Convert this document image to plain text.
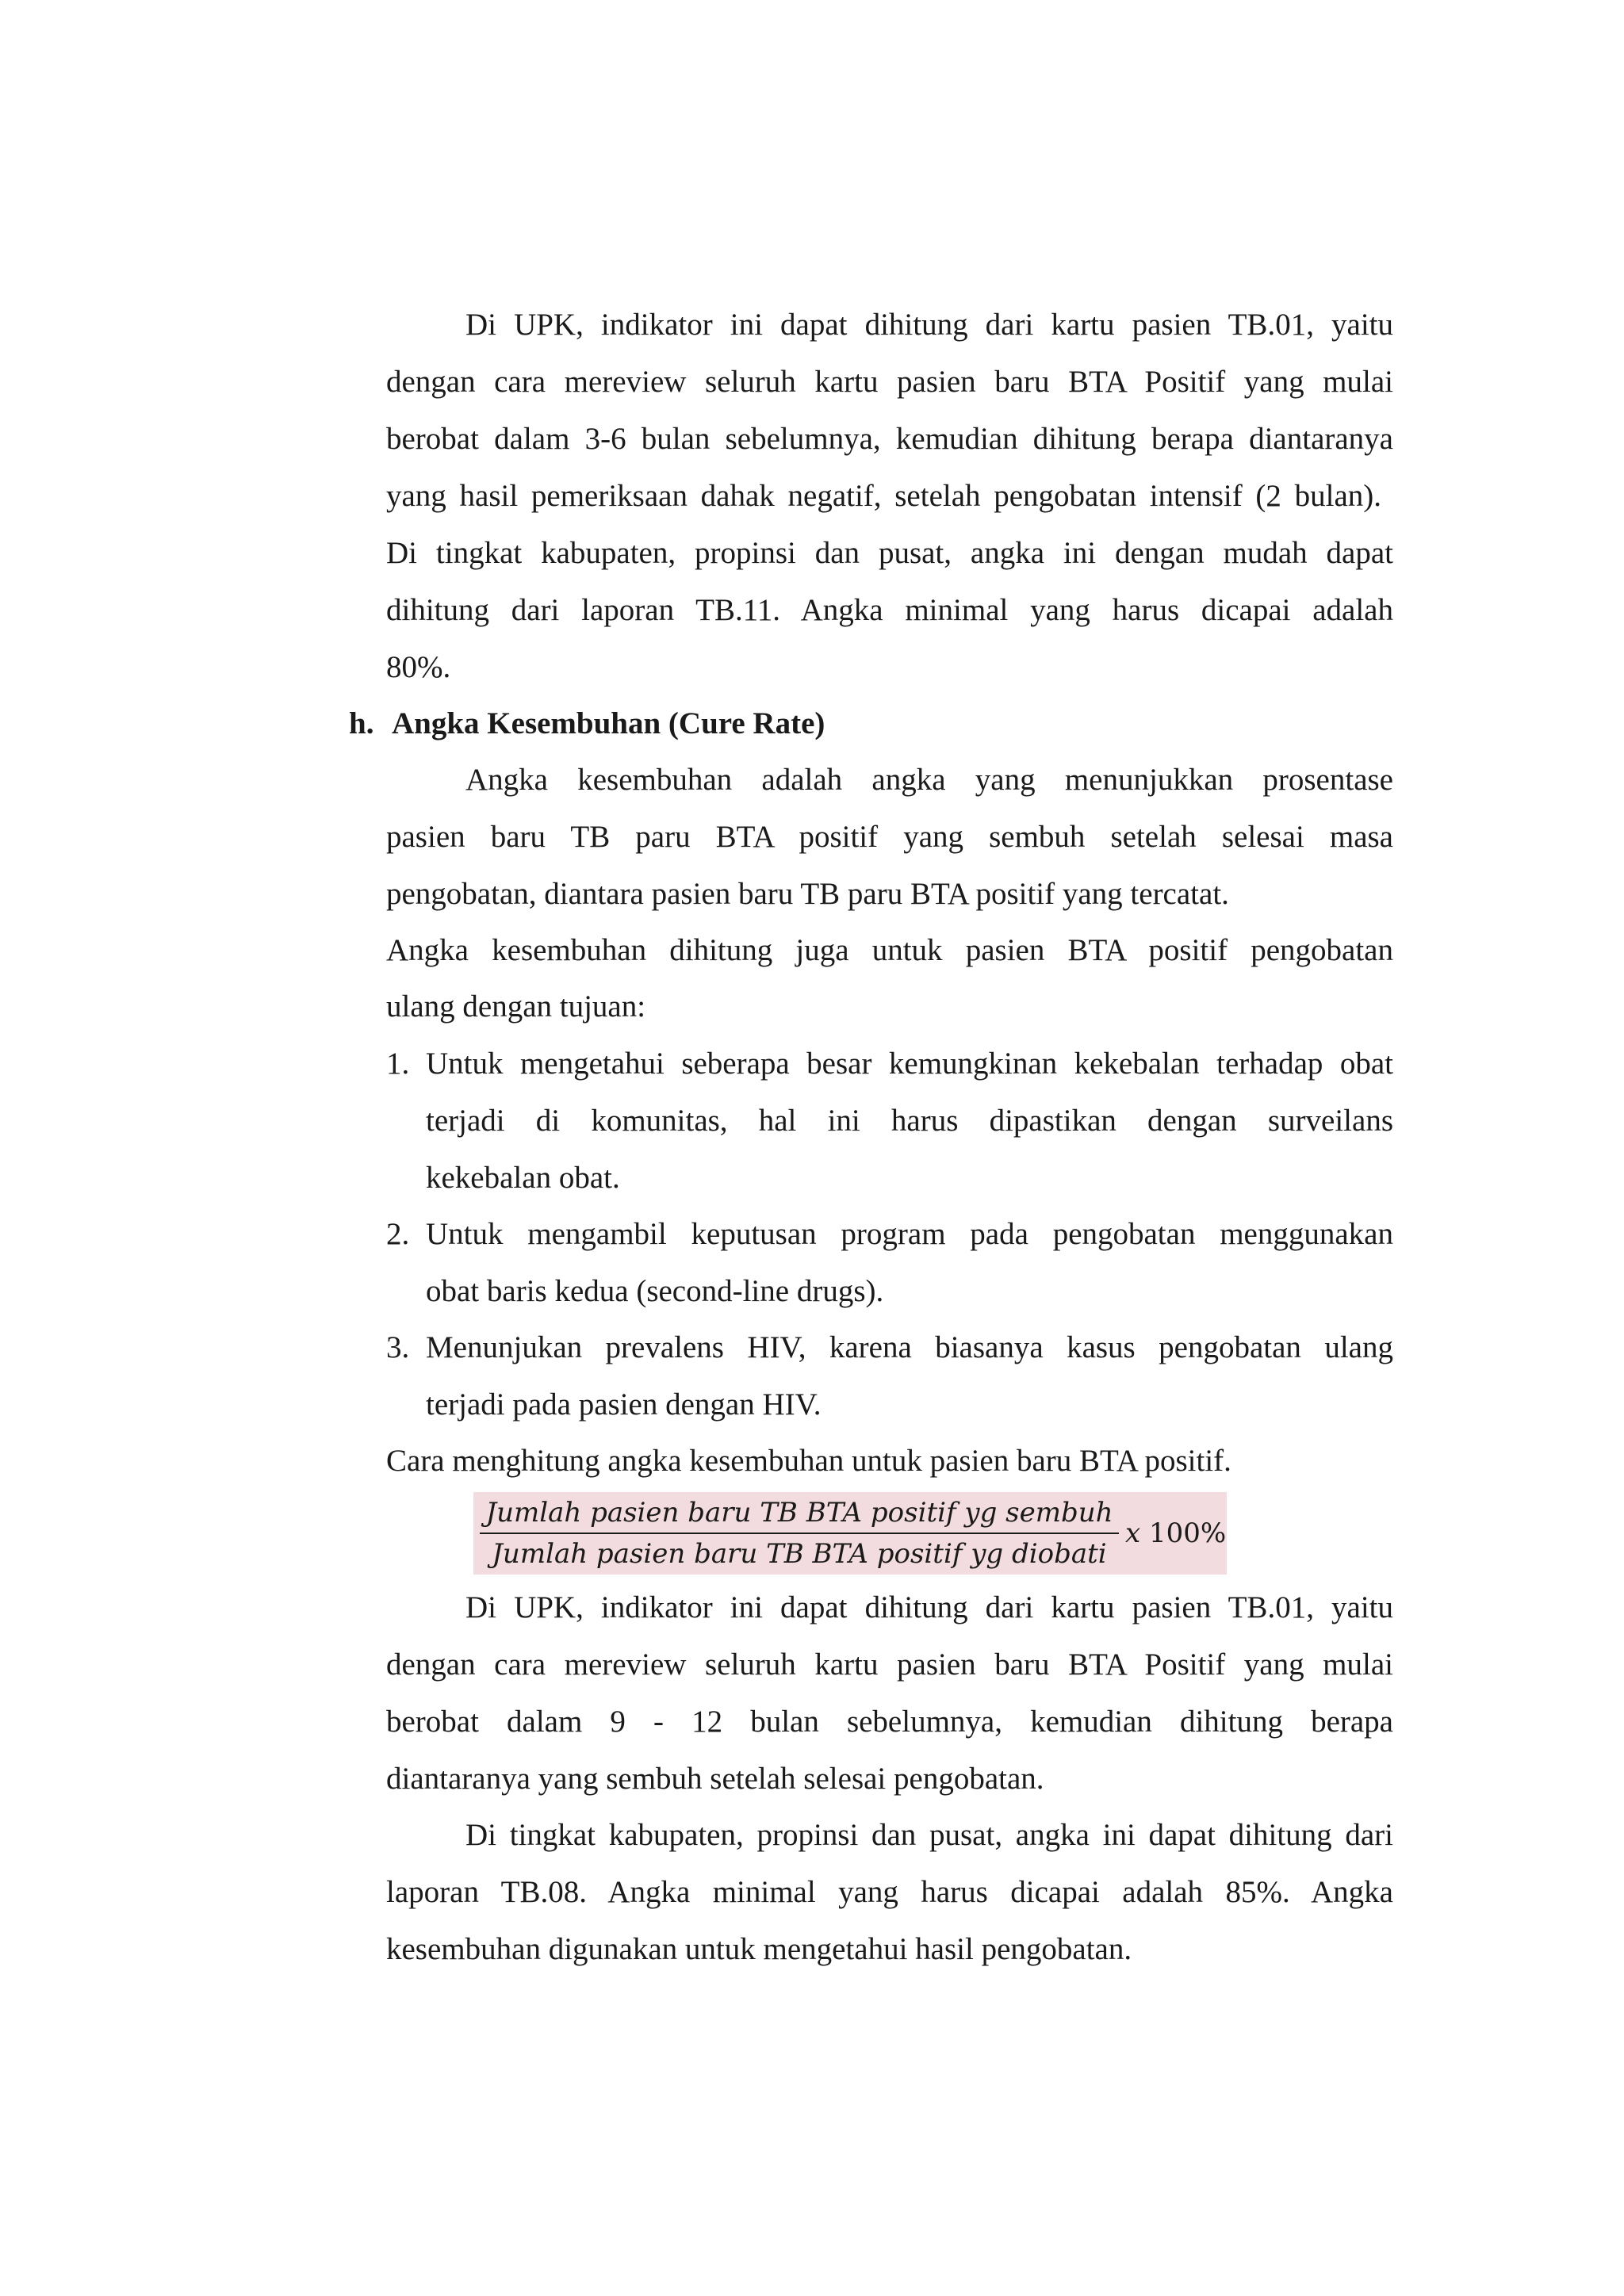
Di UPK, indikator ini dapat dihitung dari kartu pasien TB.01, yaitu
dengan cara mereview seluruh kartu pasien baru BTA Positif yang mulai
berobat dalam 3-6 bulan sebelumnya, kemudian dihitung berapa diantaranya
yang hasil pemeriksaan dahak negatif, setelah pengobatan intensif (2 bulan).
Di tingkat kabupaten, propinsi dan pusat, angka ini dengan mudah dapat
dihitung dari laporan TB.11. Angka minimal yang harus dicapai adalah
80%.
h. Angka Kesembuhan (Cure Rate)
Angka kesembuhan adalah angka yang menunjukkan prosentase
pasien baru TB paru BTA positif yang sembuh setelah selesai masa
pengobatan, diantara pasien baru TB paru BTA positif yang tercatat.
Angka kesembuhan dihitung juga untuk pasien BTA positif pengobatan
ulang dengan tujuan:
1. Untuk mengetahui seberapa besar kemungkinan kekebalan terhadap obat
terjadi di komunitas, hal ini harus dipastikan dengan surveilans
kekebalan obat.
2. Untuk mengambil keputusan program pada pengobatan menggunakan
obat baris kedua (second-line drugs).
3. Menunjukan prevalens HIV, karena biasanya kasus pengobatan ulang
terjadi pada pasien dengan HIV.
Cara menghitung angka kesembuhan untuk pasien baru BTA positif.
Jumlah pasien baru TB BTA positif yg sembuh
Jumlah pasien baru TB BTA positif yg diobati
x 100%
Di UPK, indikator ini dapat dihitung dari kartu pasien TB.01, yaitu
dengan cara mereview seluruh kartu pasien baru BTA Positif yang mulai
berobat dalam 9 - 12 bulan sebelumnya, kemudian dihitung berapa
diantaranya yang sembuh setelah selesai pengobatan.
Di tingkat kabupaten, propinsi dan pusat, angka ini dapat dihitung dari
laporan TB.08. Angka minimal yang harus dicapai adalah 85%. Angka
kesembuhan digunakan untuk mengetahui hasil pengobatan.
